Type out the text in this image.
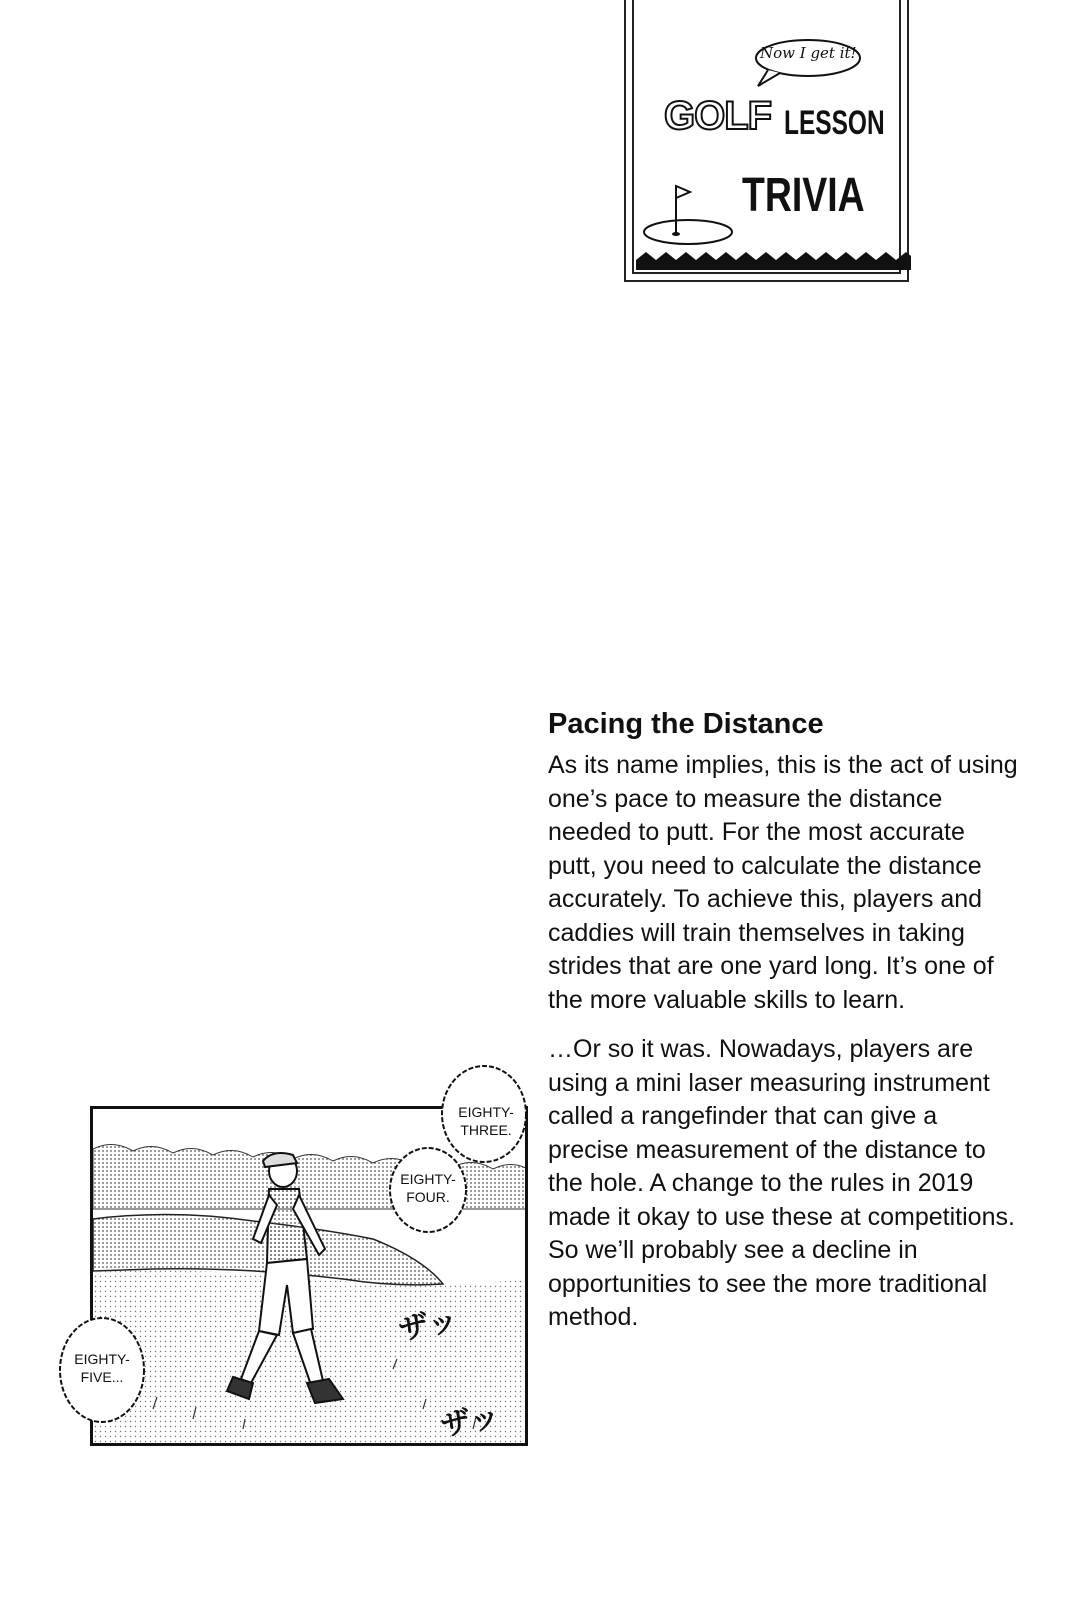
Now I get it!
GOLF LESSON
TRIVIA
Pacing the Distance

As its name implies, this is the act of using one’s pace to measure the distance needed to putt. For the most accurate putt, you need to calculate the distance accurately. To achieve this, players and caddies will train themselves in taking strides that are one yard long. It’s one of the more valuable skills to learn.

…Or so it was. Nowadays, players are using a mini laser measuring instrument called a rangefinder that can give a precise measurement of the distance to the hole. A change to the rules in 2019 made it okay to use these at competitions. So we’ll probably see a decline in opportunities to see the more traditional method.

EIGHTY-
THREE.
EIGHTY-
FOUR.
EIGHTY-
FIVE...
ザッ
ザッ
